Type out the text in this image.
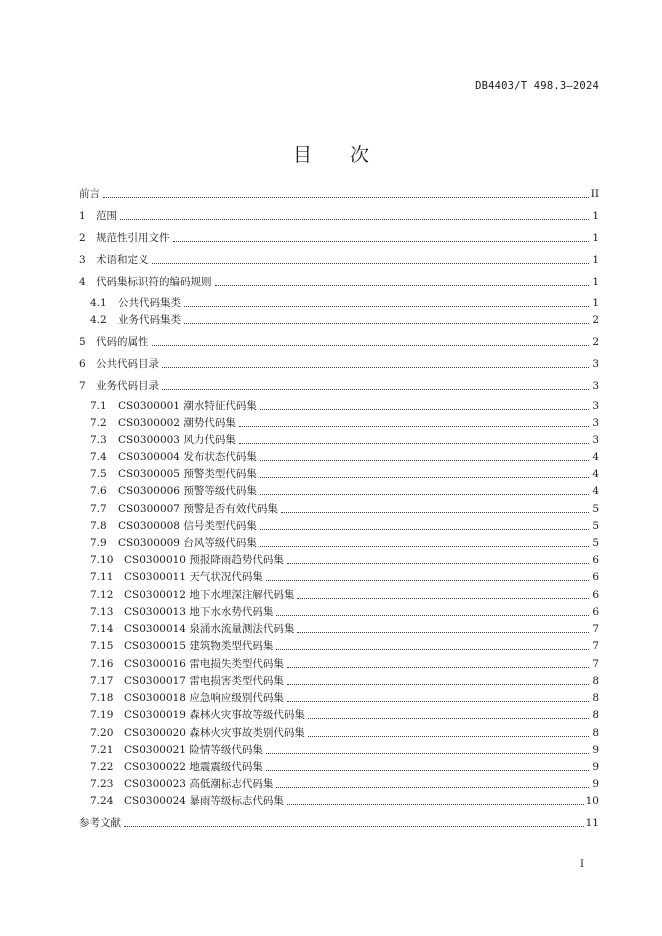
DB4403/T 498.3—2024
目次
前言	II
1 范围	1
2 规范性引用文件	1
3 术语和定义	1
4 代码集标识符的编码规则	1
4.1	公共代码集类	1
4.2	业务代码集类	2
5 代码的属性	2
6 公共代码目录	3
7 业务代码目录	3
7.1	CS0300001 潮水特征代码集	3
7.2	CS0300002 潮势代码集	3
7.3	CS0300003 风力代码集	3
7.4	CS0300004 发布状态代码集	4
7.5	CS0300005 预警类型代码集	4
7.6	CS0300006 预警等级代码集	4
7.7	CS0300007 预警是否有效代码集	5
7.8	CS0300008 信号类型代码集	5
7.9	CS0300009 台风等级代码集	5
7.10	CS0300010 预报降雨趋势代码集	6
7.11	CS0300011 天气状况代码集	6
7.12	CS0300012 地下水埋深注解代码集	6
7.13	CS0300013 地下水水势代码集	6
7.14	CS0300014 泉涌水流量测法代码集	7
7.15	CS0300015 建筑物类型代码集	7
7.16	CS0300016 雷电损失类型代码集	7
7.17	CS0300017 雷电损害类型代码集	8
7.18	CS0300018 应急响应级别代码集	8
7.19	CS0300019 森林火灾事故等级代码集	8
7.20	CS0300020 森林火灾事故类别代码集	8
7.21	CS0300021 险情等级代码集	9
7.22	CS0300022 地震震级代码集	9
7.23	CS0300023 高低潮标志代码集	9
7.24	CS0300024 暴雨等级标志代码集	10
参考文献	11
I
